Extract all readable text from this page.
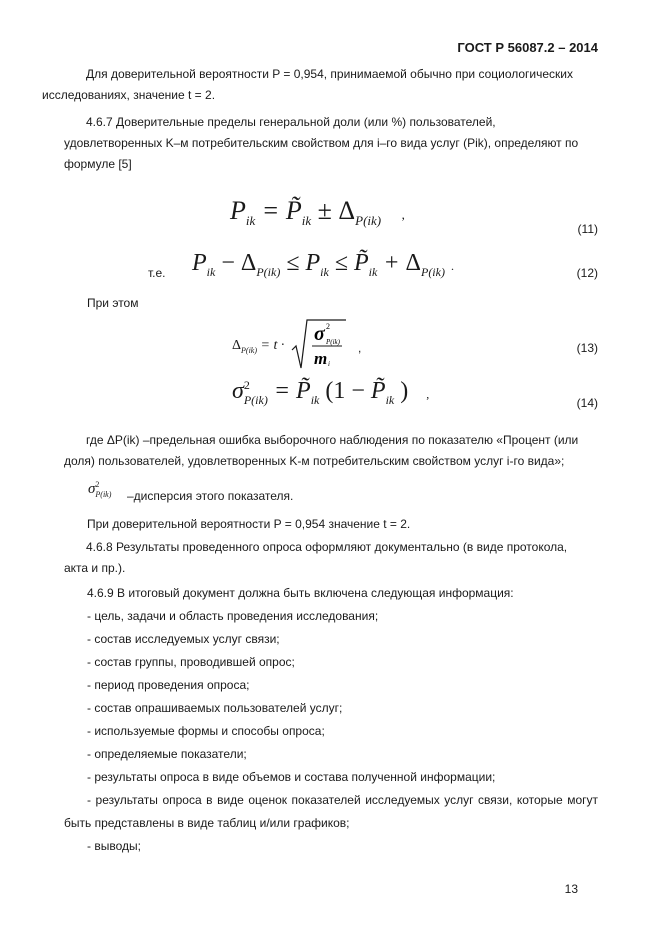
ГОСТ Р 56087.2 – 2014
Для доверительной вероятности P = 0,954, принимаемой обычно при социологических
исследованиях, значение t = 2.
4.6.7 Доверительные пределы генеральной доли (или %) пользователей,
удовлетворенных K–м потребительским свойством для i–го вида услуг (Pik), определяют по
формуле [5]
$P_{ik}$ = $P̃_{ik} \pm \Delta_{P(ik)}$ ,
(11)
т.е. $P_{ik} - \Delta_{P(ik)} \le P_{ik}$ ≤ $P̃_{ik} + \Delta_{P(ik)}$ .	(12)
При этом
$\Delta_{P(ik)} = t$ ·
σ 2
P(ik)
m i
,	(13)
$\sigma^2_{P(ik)}$ = $P̃_{ik}$ ($1 - P̃_{ik}$ ) ,
(14)
где ΔP(ik) –предельная ошибка выборочного наблюдения по показателю «Процент (или
доля) пользователей, удовлетворенных K-м потребительским свойством услуг i-го вида»;
$\sigma^2_{P(ik)}$ –дисперсия этого показателя.
При доверительной вероятности P = 0,954 значение t = 2.
4.6.8 Результаты проведенного опроса оформляют документально (в виде протокола,
акта и пр.).
4.6.9 В итоговый документ должна быть включена следующая информация:
- цель, задачи и область проведения исследования;
- состав исследуемых услуг связи;
- состав группы, проводившей опрос;
- период проведения опроса;
- состав опрашиваемых пользователей услуг;
- используемые формы и способы опроса;
- определяемые показатели;
- результаты опроса в виде объемов и состава полученной информации;
- результаты опроса в виде оценок показателей исследуемых услуг связи, которые могут
быть представлены в виде таблиц и/или графиков;
- выводы;
13
